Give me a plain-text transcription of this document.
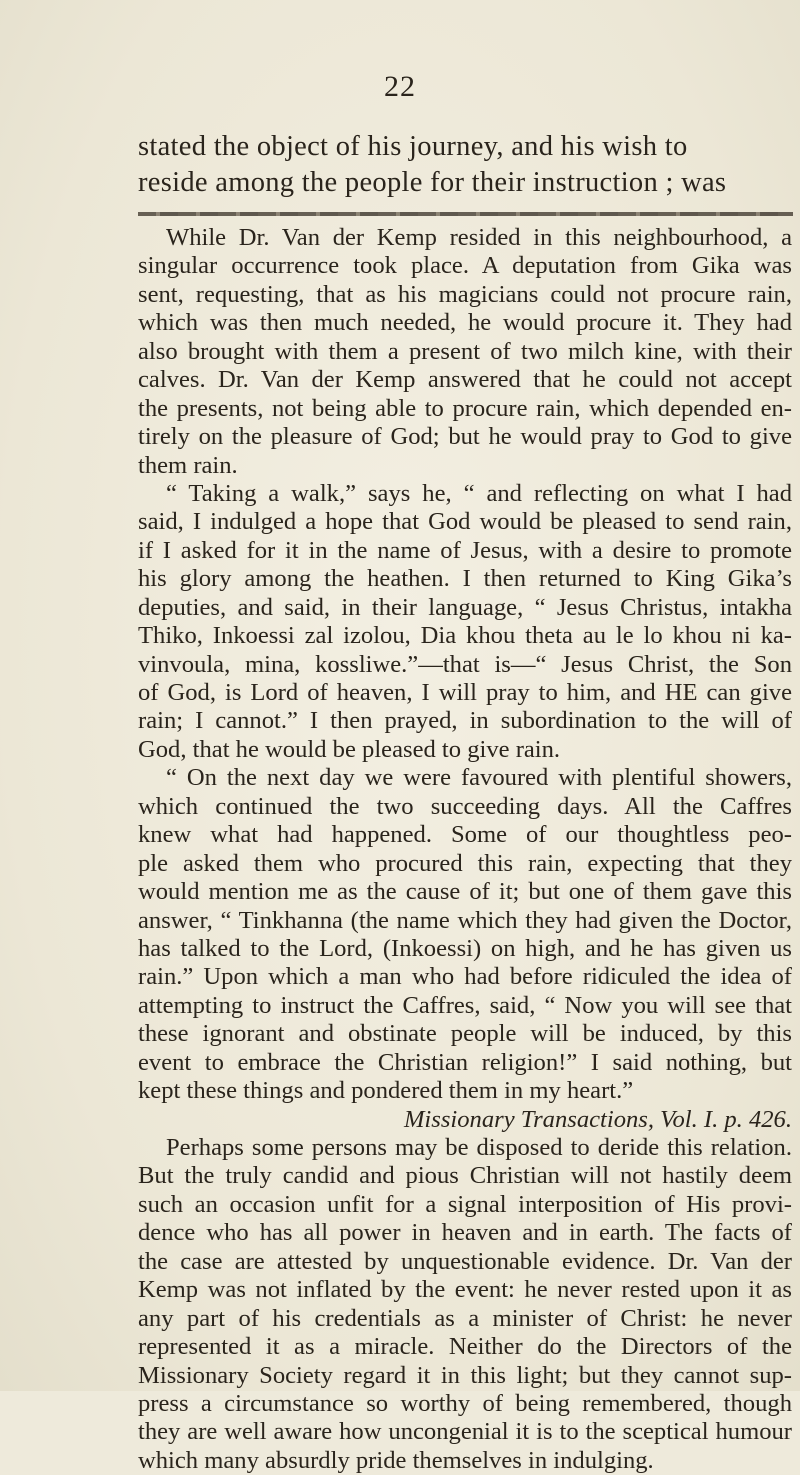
22
stated the object of his journey, and his wish to
reside among the people for their instruction ; was
While Dr. Van der Kemp resided in this neighbourhood, a
singular occurrence took place. A deputation from Gika was
sent, requesting, that as his magicians could not procure rain,
which was then much needed, he would procure it. They had
also brought with them a present of two milch kine, with their
calves. Dr. Van der Kemp answered that he could not accept
the presents, not being able to procure rain, which depended en-
tirely on the pleasure of God; but he would pray to God to give
them rain.
“ Taking a walk,” says he, “ and reflecting on what I had
said, I indulged a hope that God would be pleased to send rain,
if I asked for it in the name of Jesus, with a desire to promote
his glory among the heathen. I then returned to King Gika’s
deputies, and said, in their language, “ Jesus Christus, intakha
Thiko, Inkoessi zal izolou, Dia khou theta au le lo khou ni ka-
vinvoula, mina, kossliwe.”—that is—“ Jesus Christ, the Son
of God, is Lord of heaven, I will pray to him, and HE can give
rain; I cannot.” I then prayed, in subordination to the will of
God, that he would be pleased to give rain.
“ On the next day we were favoured with plentiful showers,
which continued the two succeeding days. All the Caffres
knew what had happened. Some of our thoughtless peo-
ple asked them who procured this rain, expecting that they
would mention me as the cause of it; but one of them gave this
answer, “ Tinkhanna (the name which they had given the Doctor,
has talked to the Lord, (Inkoessi) on high, and he has given us
rain.” Upon which a man who had before ridiculed the idea of
attempting to instruct the Caffres, said, “ Now you will see that
these ignorant and obstinate people will be induced, by this
event to embrace the Christian religion!” I said nothing, but
kept these things and pondered them in my heart.”
Missionary Transactions, Vol. I. p. 426.
Perhaps some persons may be disposed to deride this relation.
But the truly candid and pious Christian will not hastily deem
such an occasion unfit for a signal interposition of His provi-
dence who has all power in heaven and in earth. The facts of
the case are attested by unquestionable evidence. Dr. Van der
Kemp was not inflated by the event: he never rested upon it as
any part of his credentials as a minister of Christ: he never
represented it as a miracle. Neither do the Directors of the
Missionary Society regard it in this light; but they cannot sup-
press a circumstance so worthy of being remembered, though
they are well aware how uncongenial it is to the sceptical humour
which many absurdly pride themselves in indulging.
